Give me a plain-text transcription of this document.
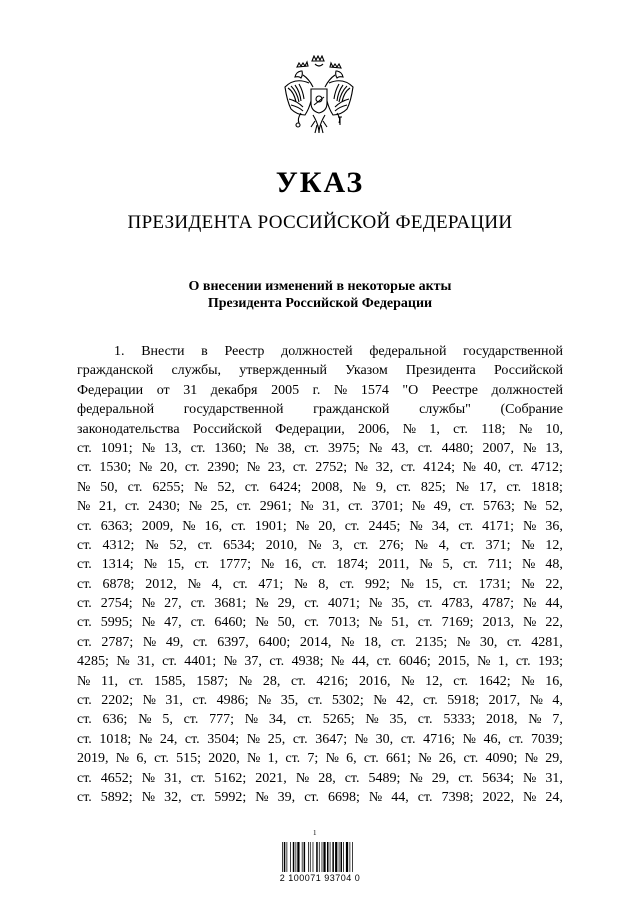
УКАЗ
ПРЕЗИДЕНТА РОССИЙСКОЙ ФЕДЕРАЦИИ
О внесении изменений в некоторые акты
Президента Российской Федерации
1. Внести в Реестр должностей федеральной государственной
гражданской службы, утвержденный Указом Президента Российской
Федерации от 31 декабря 2005 г. № 1574 "О Реестре должностей
федеральной государственной гражданской службы" (Собрание
законодательства Российской Федерации, 2006, № 1, ст. 118; № 10,
ст. 1091; № 13, ст. 1360; № 38, ст. 3975; № 43, ст. 4480; 2007, № 13,
ст. 1530; № 20, ст. 2390; № 23, ст. 2752; № 32, ст. 4124; № 40, ст. 4712;
№ 50, ст. 6255; № 52, ст. 6424; 2008, № 9, ст. 825; № 17, ст. 1818;
№ 21, ст. 2430; № 25, ст. 2961; № 31, ст. 3701; № 49, ст. 5763; № 52,
ст. 6363; 2009, № 16, ст. 1901; № 20, ст. 2445; № 34, ст. 4171; № 36,
ст. 4312; № 52, ст. 6534; 2010, № 3, ст. 276; № 4, ст. 371; № 12,
ст. 1314; № 15, ст. 1777; № 16, ст. 1874; 2011, № 5, ст. 711; № 48,
ст. 6878; 2012, № 4, ст. 471; № 8, ст. 992; № 15, ст. 1731; № 22,
ст. 2754; № 27, ст. 3681; № 29, ст. 4071; № 35, ст. 4783, 4787; № 44,
ст. 5995; № 47, ст. 6460; № 50, ст. 7013; № 51, ст. 7169; 2013, № 22,
ст. 2787; № 49, ст. 6397, 6400; 2014, № 18, ст. 2135; № 30, ст. 4281,
4285; № 31, ст. 4401; № 37, ст. 4938; № 44, ст. 6046; 2015, № 1, ст. 193;
№ 11, ст. 1585, 1587; № 28, ст. 4216; 2016, № 12, ст. 1642; № 16,
ст. 2202; № 31, ст. 4986; № 35, ст. 5302; № 42, ст. 5918; 2017, № 4,
ст. 636; № 5, ст. 777; № 34, ст. 5265; № 35, ст. 5333; 2018, № 7,
ст. 1018; № 24, ст. 3504; № 25, ст. 3647; № 30, ст. 4716; № 46, ст. 7039;
2019, № 6, ст. 515; 2020, № 1, ст. 7; № 6, ст. 661; № 26, ст. 4090; № 29,
ст. 4652; № 31, ст. 5162; 2021, № 28, ст. 5489; № 29, ст. 5634; № 31,
ст. 5892; № 32, ст. 5992; № 39, ст. 6698; № 44, ст. 7398; 2022, № 24,
1
2 100071 93704 0
